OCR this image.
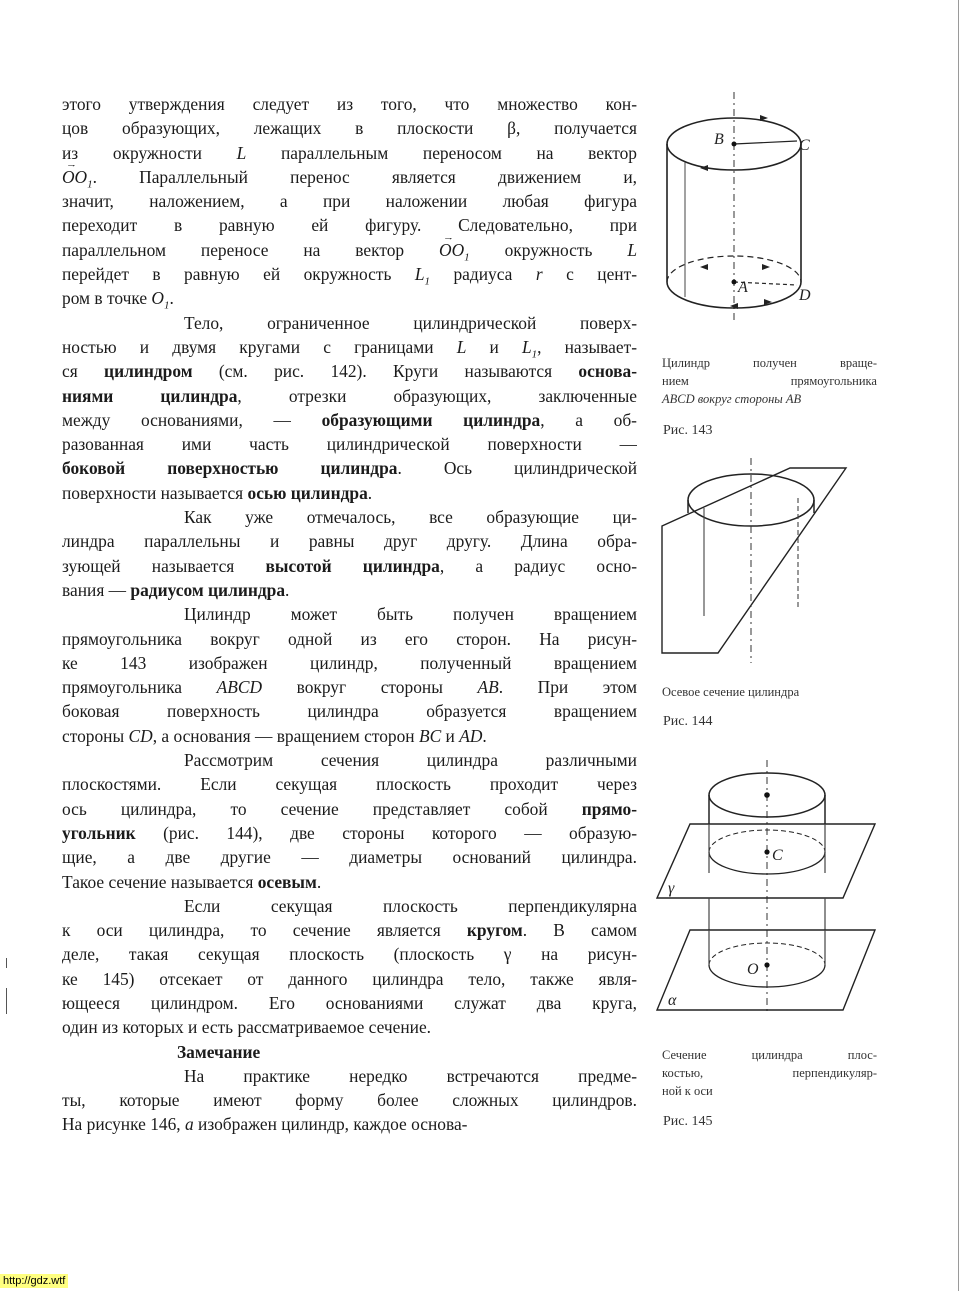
этого утверждения следует из того, что множество кон-
цов образующих, лежащих в плоскости β, получается
из окружности L параллельным переносом на вектор
→ $OO_1$. Параллельный перенос является движением и,
значит, наложением, а при наложении любая фигура
переходит в равную ей фигуру. Следовательно, при
параллельном переносе на вектор → $OO_1$ окружность L
перейдет в равную ей окружность $L_1$ радиуса r с цент-
ром в точке $O_1$.
Тело, ограниченное цилиндрической поверх-
ностью и двумя кругами с границами L и $L_1$, называет-
ся цилиндром (см. рис. 142). Круги называются основа-
ниями цилиндра, отрезки образующих, заключенные
между основаниями, — образующими цилиндра, а об-
разованная ими часть цилиндрической поверхности —
боковой поверхностью цилиндра. Ось цилиндрической
поверхности называется осью цилиндра.
Как уже отмечалось, все образующие ци-
линдра параллельны и равны друг другу. Длина обра-
зующей называется высотой цилиндра, а радиус осно-
вания — радиусом цилиндра.
Цилиндр может быть получен вращением
прямоугольника вокруг одной из его сторон. На рисун-
ке 143 изображен цилиндр, полученный вращением
прямоугольника ABCD вокруг стороны AB. При этом
боковая поверхность цилиндра образуется вращением
стороны CD, а основания — вращением сторон BC и AD.
Рассмотрим сечения цилиндра различными
плоскостями. Если секущая плоскость проходит через
ось цилиндра, то сечение представляет собой прямо-
угольник (рис. 144), две стороны которого — образую-
щие, а две другие — диаметры оснований цилиндра.
Такое сечение называется осевым.
Если секущая плоскость перпендикулярна
к оси цилиндра, то сечение является кругом. В самом
деле, такая секущая плоскость (плоскость γ на рисун-
ке 145) отсекает от данного цилиндра тело, также явля-
ющееся цилиндром. Его основаниями служат два круга,
один из которых и есть рассматриваемое сечение.
Замечание
На практике нередко встречаются предме-
ты, которые имеют форму более сложных цилиндров.
На рисунке 146, а изображен цилиндр, каждое основа-
B	C
A	D
Цилиндр получен враще-
нием прямоугольника
ABCD вокруг стороны AB
Рис. 143
Осевое сечение цилиндра
Рис. 144
C
O
γ
α
Сечение цилиндра плос-
костью, перпендикуляр-
ной к оси
Рис. 145
http://gdz.wtf
